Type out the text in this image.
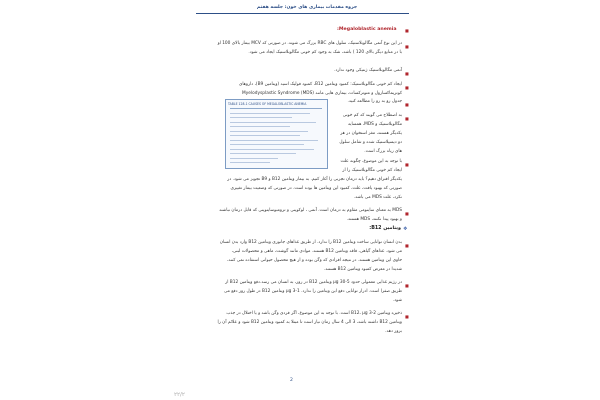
جزوه مقدمات بیماری های خون: جلسه هفتم
■
:Megaloblastic anemia
■
در این نوع آنمی مگالوبلاستیک، سلول های RBC بزرگ می شوند. در صورتی که MCV بیمار بالای 100 او
با در منابع دیگر بالای 120 ) باشد، شک به وجود کم خونی مگالوبلاستیک ایجاد می شود.
■
آنمی مگالوبلاستیک ژنتیکی وجود ندارد.
■
ایجاد کم خونی مگالوبلاستیک: کمبود ویتامین B12، کمبود فولیک اسید (ویتامین B9)، داروهای
کوتریماکسازول و متوترکسات، بیماری هایی مانند Myelodysplastic Syndrome (MDS)
■
جدول رو به رو را مطالعه کنید.
■
به اصطلاح می گویند که کم خونی
مگالوبلاستیک و MDS، همسایه
یکدیگر هستند، مغز استخوان در هر
دو دیسپلاستیک شده و شامل سلول
های ریاه بزرگ است.
■
با توجه به این موضوع، چگونه علت
ایجاد کم خونی مگالوبلاستیک را از
یکدیگر افتراق دهیم؟ باید درمان تجربی را آغاز کنیم. به بیمار ویتامین B12 و B9 تجویز می شود. در
صورتی که بهبود یافت، علت، کمبود این ویتامین ها بوده است. در صورتی که وضعیت بیمار تغییری
نکرد، علت MDS می باشد.
■
MDS به معنای ساینومی مقاوم به درمان است. آنمی ، لوکوپنی و ترومبوسایتوپنی که قابل درمان نباشند
و بهبود پیدا نکنند، MDS هستند.
TABLE 128-1 CAUSES OF MEGALOBLASTIC ANEMIA
❖
ویتامین B12:
■
بدن انسان توانایی ساخت ویتامین B12 را ندارد. از طریق غذاهای جانوری ویتامین B12 وارد بدن انسان
می شود. غذاهای گیاهی، فاقد ویتامین B12 هستند. موادی مانند گوشت، ماهی و محصولات لبنی،
حاوی این ویتامین هستند. در نتیجه افرادی که وگن بوده و از هیچ محصول حیوانی استفاده نمی کنند،
شدیدا در معرض کمبود ویتامین B12 هستند.
■
در رژیم غذایی معمولی حدود µg 30-5 ویتامین B12 در روز، به انسان می رسد.دفع ویتامین B12 از
طریق صفرا است. ادرار توانایی دفع این ویتامین را ندارد. µg 3-1 ویتامین B12 در طول روز دفع می
شود.
■
ذخیره ویتامین B12، µg 3-2 است. با توجه به این موضوع، اگر فردی وگن باشد و یا اختلال در جذب
ویتامین B12 داشته باشد، 3 الی 4 سال زمان نیاز است تا مبتلا به کمبود ویتامین B12 شود و علائم آن را
بروز دهد.
2
۲۲/۲
